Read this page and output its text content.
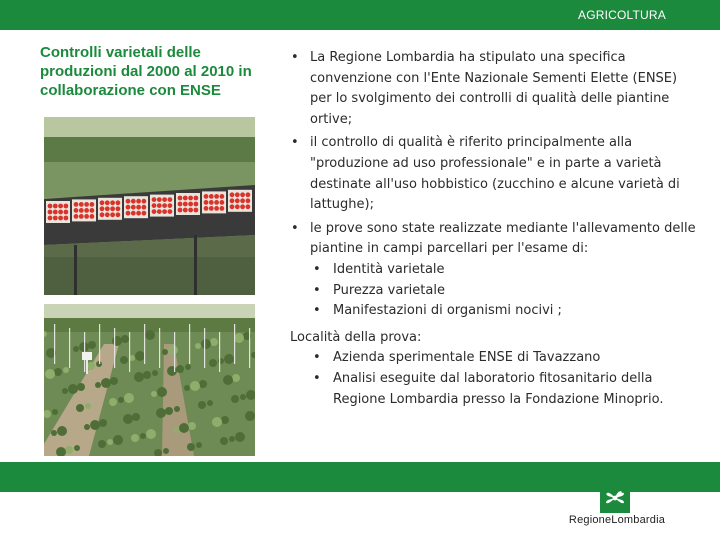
AGRICOLTURA
Controlli varietali delle produzioni dal 2000 al 2010 in collaborazione con ENSE
• La Regione Lombardia ha stipulato una specifica convenzione con l'Ente Nazionale Sementi Elette (ENSE) per lo svolgimento dei controlli di qualità delle piantine ortive;
• il controllo di qualità è riferito principalmente alla "produzione ad uso professionale" e in parte a varietà destinate all'uso hobbistico (zucchino e alcune varietà di lattughe);
• le prove sono state realizzate mediante l'allevamento delle piantine in campi parcellari per l'esame di:
• Identità varietale
• Purezza varietale
• Manifestazioni di organismi nocivi ;
Località della prova:
• Azienda sperimentale ENSE di Tavazzano
• Analisi eseguite dal laboratorio fitosanitario della Regione Lombardia presso la Fondazione Minoprio.
RegioneLombardia
